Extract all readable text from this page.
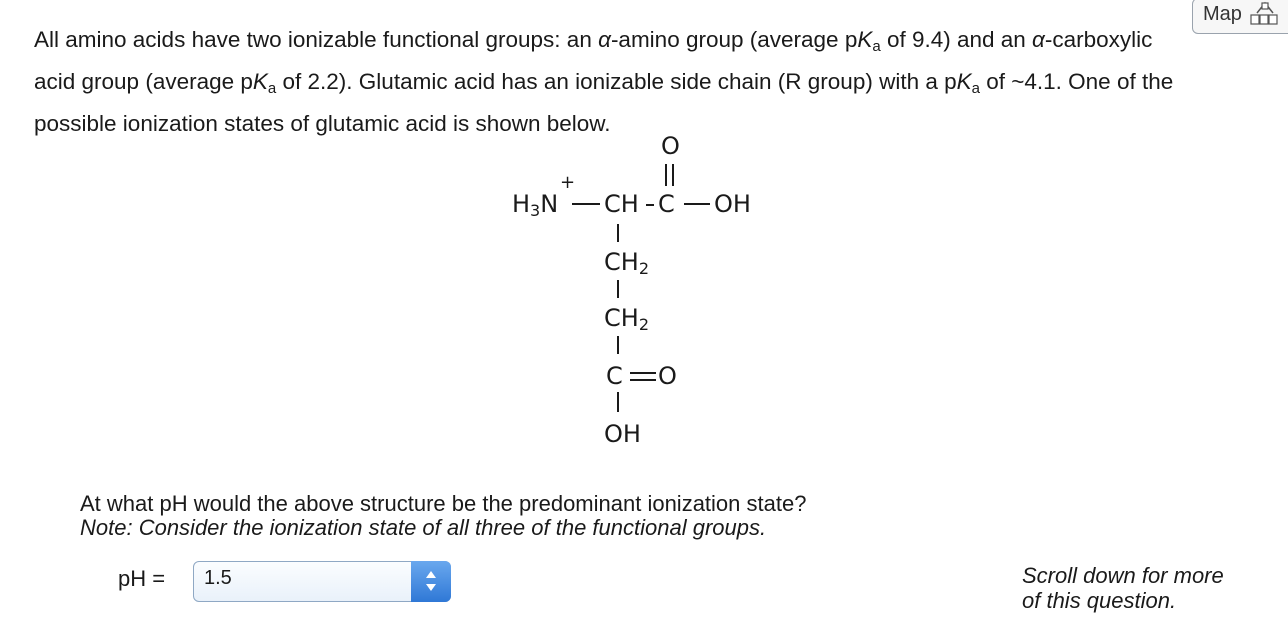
All amino acids have two ionizable functional groups: an α-amino group (average $pK_a$ of 9.4) and an α-carboxylic acid group (average $pK_a$ of 2.2). Glutamic acid has an ionizable side chain (R group) with a $pK_a$ of ~4.1. One of the possible ionization states of glutamic acid is shown below.

Map
+
H3N CH C OH
O
CH2
CH2
C O
OH
At what pH would the above structure be the predominant ionization state?
Note: Consider the ionization state of all three of the functional groups.
pH = 1.5	Scroll down for more
of this question.
